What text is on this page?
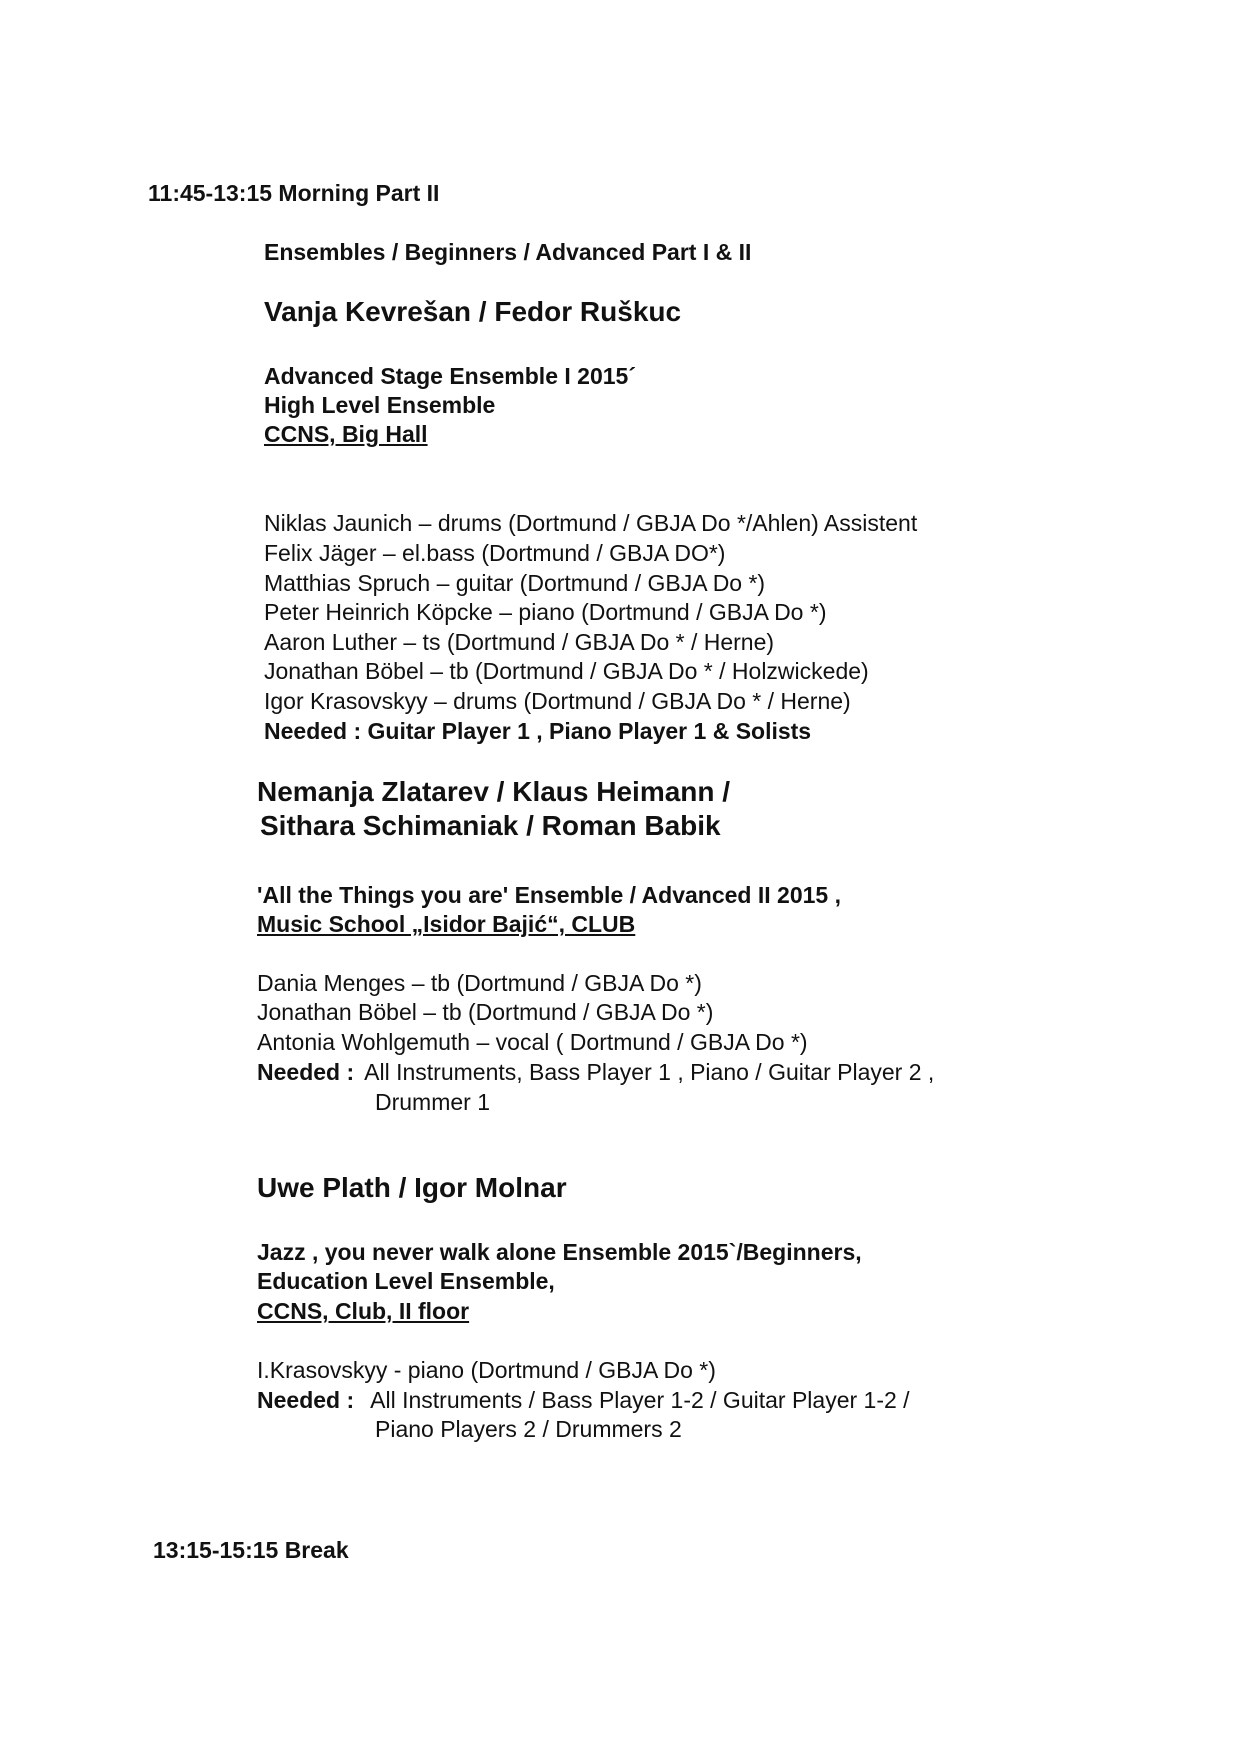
11:45-13:15 Morning Part II
Ensembles / Beginners / Advanced Part I & II
Vanja Kevrešan / Fedor Ruškuc
Advanced Stage Ensemble I 2015´
High Level Ensemble
CCNS, Big Hall
Niklas Jaunich – drums (Dortmund / GBJA Do */Ahlen) Assistent
Felix Jäger – el.bass (Dortmund / GBJA DO*)
Matthias Spruch – guitar (Dortmund / GBJA Do *)
Peter Heinrich Köpcke – piano (Dortmund / GBJA Do *)
Aaron Luther – ts (Dortmund / GBJA Do * / Herne)
Jonathan Böbel – tb (Dortmund / GBJA Do * / Holzwickede)
Igor Krasovskyy – drums (Dortmund / GBJA Do * / Herne)
Needed : Guitar Player 1 , Piano Player 1 & Solists
Nemanja Zlatarev / Klaus Heimann /
Sithara Schimaniak / Roman Babik
'All the Things you are' Ensemble / Advanced II 2015 ,
Music School „Isidor Bajić“, CLUB
Dania Menges – tb (Dortmund / GBJA Do *)
Jonathan Böbel – tb (Dortmund / GBJA Do *)
Antonia Wohlgemuth – vocal ( Dortmund / GBJA Do *)
Needed : All Instruments, Bass Player 1 , Piano / Guitar Player 2 ,
Drummer 1
Uwe Plath / Igor Molnar
Jazz , you never walk alone Ensemble 2015`/Beginners,
Education Level Ensemble,
CCNS, Club, II floor
I.Krasovskyy - piano (Dortmund / GBJA Do *)
Needed : All Instruments / Bass Player 1-2 / Guitar Player 1-2 /
Piano Players 2 / Drummers 2
13:15-15:15 Break
